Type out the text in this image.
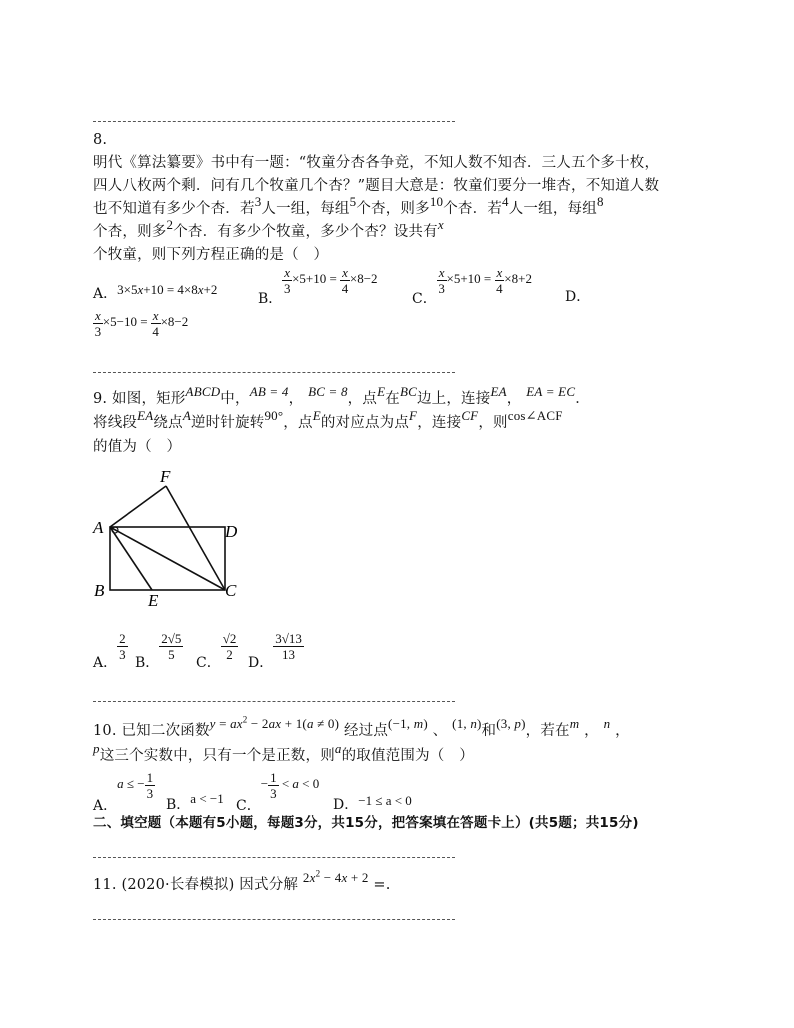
8.
明代《算法纂要》书中有一题：“牧童分杏各争竞，不知人数不知杏．三人五个多十枚，
四人八枚两个剩．问有几个牧童几个杏？”题目大意是：牧童们要分一堆杏，不知道人数
也不知道有多少个杏．若3人一组，每组5个杏，则多10个杏．若4人一组，每组8
个杏，则多2个杏．有多少个牧童，多少个杏？设共有x
个牧童，则下列方程正确的是（　）
A．3×5x+10 = 4×8x+2
B．
$\frac{x}{3} \times 5+10 = \frac{x}{4} \times 8-2$
C．
$\frac{x}{3} \times 5+10 = \frac{x}{4} \times 8+2$
D．
$\frac{x}{3} \times 5-10 = \frac{x}{4} \times 8-2$
9. 如图，矩形ABCD中，AB = 4， BC = 8，点E在BC边上，连接EA， EA = EC．
将线段EA绕点A逆时针旋转90°，点E的对应点为点F，连接CF，则cos∠ACF
的值为（　）
A
B	C
D
E
F
A．
$\frac{2}{3}$
B．
$\frac{2√5}{5}$
C．
$\frac{√2}{2}$
D．
$\frac{3√13}{13}$
10. 已知二次函数$y = ax^2 - 2ax + 1(a \ne 0)$ 经过点(−1, m) 、 (1, n)和(3, p)，若在m ， n ，
p这三个实数中，只有一个是正数，则a的取值范围为（　）
A．a ≤ − $\frac{1}{3}$
B．a < −1 C．− $\frac{1}{3} < a < 0$
D．−1 ≤ a < 0
二、填空题（本题有5小题，每题3分，共15分，把答案填在答题卡上）(共5题；共15分)
11. (2020·长春模拟) 因式分解 $2x^2 - 4x + 2$ =.
